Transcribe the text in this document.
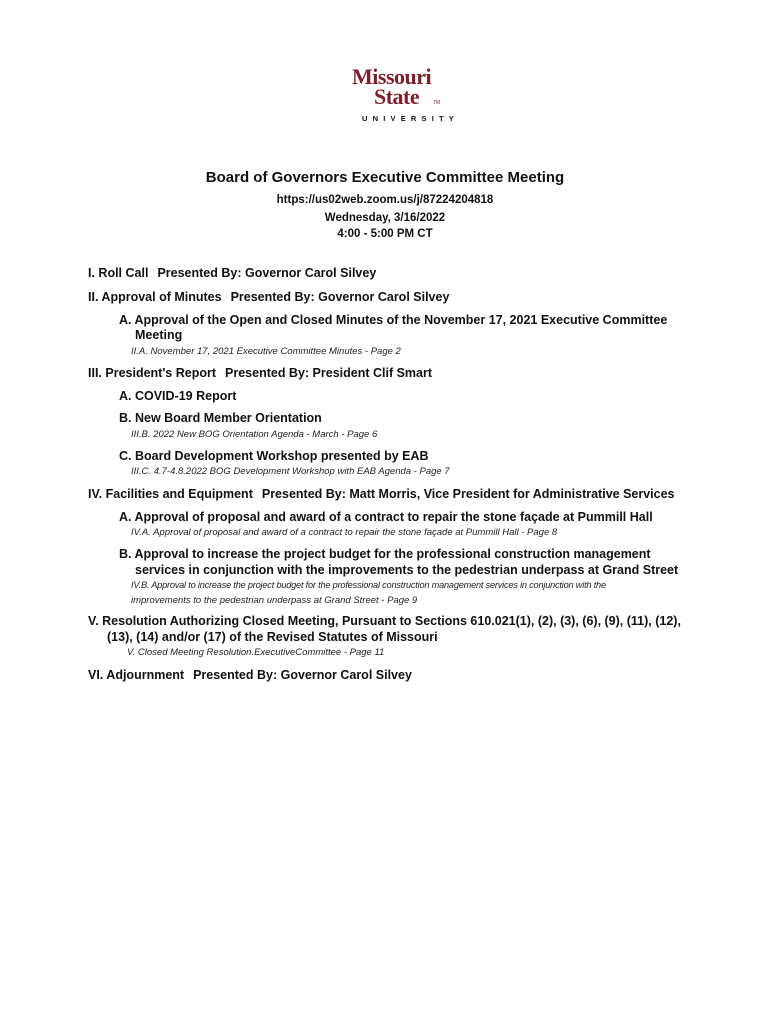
Missouri
State	TM
UNIVERSITY
Board of Governors Executive Committee Meeting
https://us02web.zoom.us/j/87224204818
Wednesday, 3/16/2022
4:00 - 5:00 PM CT
I. Roll Call Presented By: Governor Carol Silvey
II. Approval of Minutes Presented By: Governor Carol Silvey
A. Approval of the Open and Closed Minutes of the November 17, 2021 Executive Committee
Meeting
II.A. November 17, 2021 Executive Committee Minutes - Page 2
III. President's Report Presented By: President Clif Smart
A. COVID-19 Report
B. New Board Member Orientation
III.B. 2022 New BOG Orientation Agenda - March - Page 6
C. Board Development Workshop presented by EAB
III.C. 4.7-4.8.2022 BOG Development Workshop with EAB Agenda - Page 7
IV. Facilities and Equipment Presented By: Matt Morris, Vice President for Administrative Services
A. Approval of proposal and award of a contract to repair the stone façade at Pummill Hall
IV.A. Approval of proposal and award of a contract to repair the stone façade at Pummill Hall - Page 8
B. Approval to increase the project budget for the professional construction management
services in conjunction with the improvements to the pedestrian underpass at Grand Street
IV.B. Approval to increase the project budget for the professional construction management services in conjunction with the
improvements to the pedestrian underpass at Grand Street - Page 9
V. Resolution Authorizing Closed Meeting, Pursuant to Sections 610.021(1), (2), (3), (6), (9), (11), (12),
(13), (14) and/or (17) of the Revised Statutes of Missouri
V. Closed Meeting Resolution.ExecutiveCommittee - Page 11
VI. Adjournment Presented By: Governor Carol Silvey
